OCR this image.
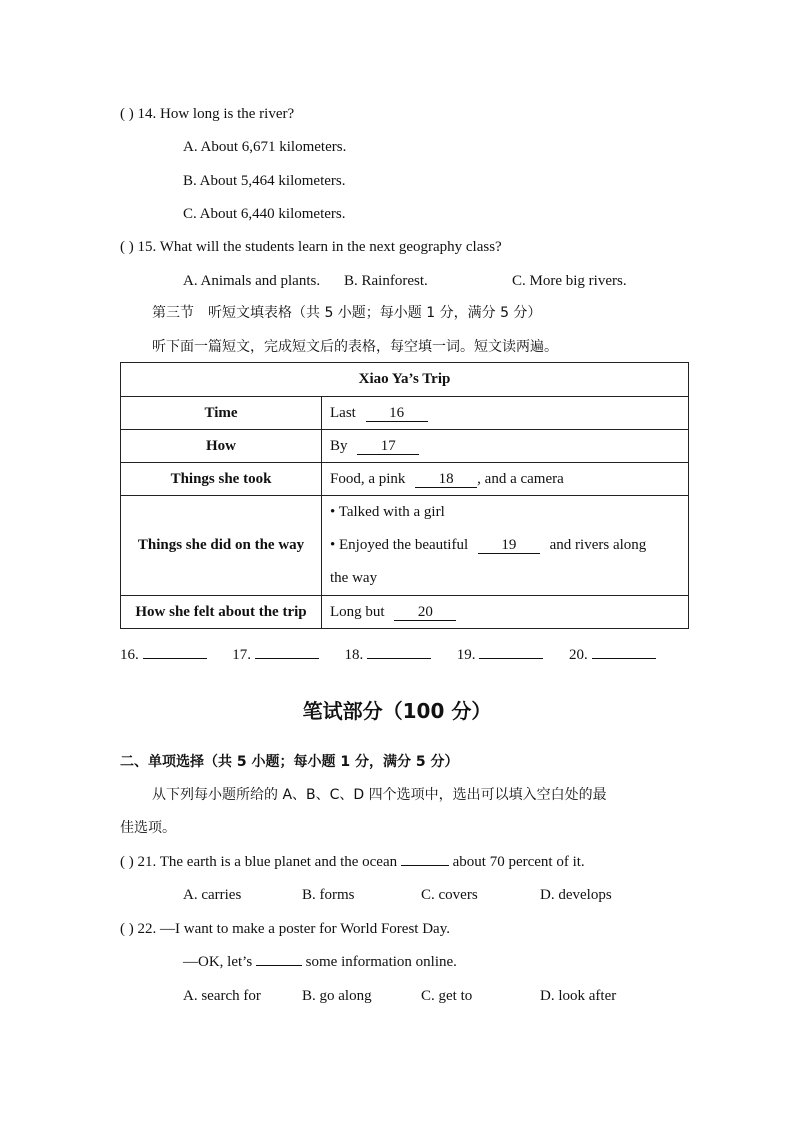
( ) 14. How long is the river?
A. About 6,671 kilometers.
B. About 5,464 kilometers.
C. About 6,440 kilometers.
( ) 15. What will the students learn in the next geography class?
A. Animals and plants. B. Rainforest.	C. More big rivers.
第三节　听短文填表格（共 5 小题；每小题 1 分，满分 5 分）
听下面一篇短文，完成短文后的表格，每空填一词。短文读两遍。
Xiao Ya’s Trip	
Time	Last 16
How	By 17
Things she took	Food, a pink 18 , and a camera
Things she did on the way	• Talked with a girl
• Enjoyed the beautiful 19 and rivers along
the way

How she felt about the trip	Long but 20
16.	17.	18.	19.	20.
笔试部分（100 分）
二、单项选择（共 5 小题；每小题 1 分，满分 5 分）
从下列每小题所给的 A、B、C、D 四个选项中，选出可以填入空白处的最
佳选项。
( ) 21. The earth is a blue planet and the ocean	about 70 percent of it.
A. carries	B. forms	C. covers	D. develops
( ) 22. —I want to make a poster for World Forest Day.
—OK, let’s	some information online.
A. search for	B. go along	C. get to	D. look after
